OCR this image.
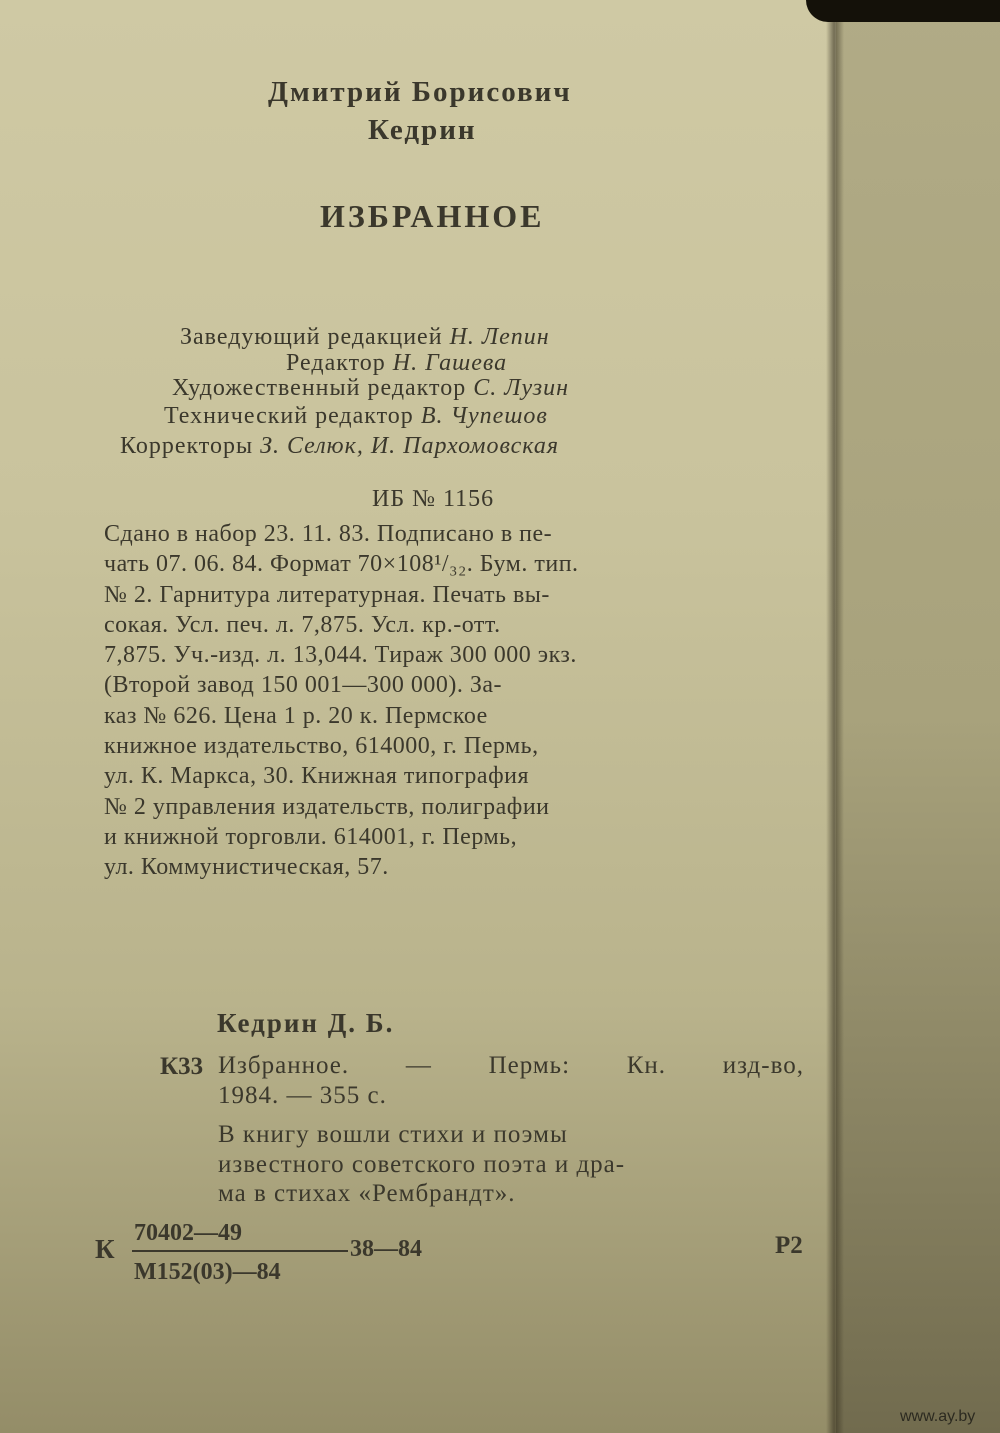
Дмитрий Борисович
Кедрин
ИЗБРАННОЕ
Заведующий редакцией Н. Лепин
Редактор Н. Гашева
Художественный редактор С. Лузин
Технический редактор В. Чупешов
Корректоры З. Селюк, И. Пархомовская
ИБ № 1156
Сдано в набор 23. 11. 83. Подписано в пе-
чать 07. 06. 84. Формат 70×108¹/₃₂. Бум. тип.
№ 2. Гарнитура литературная. Печать вы-
сокая. Усл. печ. л. 7,875. Усл. кр.-отт.
7,875. Уч.-изд. л. 13,044. Тираж 300 000 экз.
(Второй завод 150 001—300 000). За-
каз № 626. Цена 1 р. 20 к. Пермское
книжное издательство, 614000, г. Пермь,
ул. К. Маркса, 30. Книжная типография
№ 2 управления издательств, полиграфии
и книжной торговли. 614001, г. Пермь,
ул. Коммунистическая, 57.
Кедрин Д. Б.
К33 Избранное. — Пермь: Кн. изд-во,
1984. — 355 с.
В книгу вошли стихи и поэмы
известного советского поэта и дра-
ма в стихах «Рембрандт».
К
70402—49
М152(03)—84
38—84	Р2
www.ay.by
